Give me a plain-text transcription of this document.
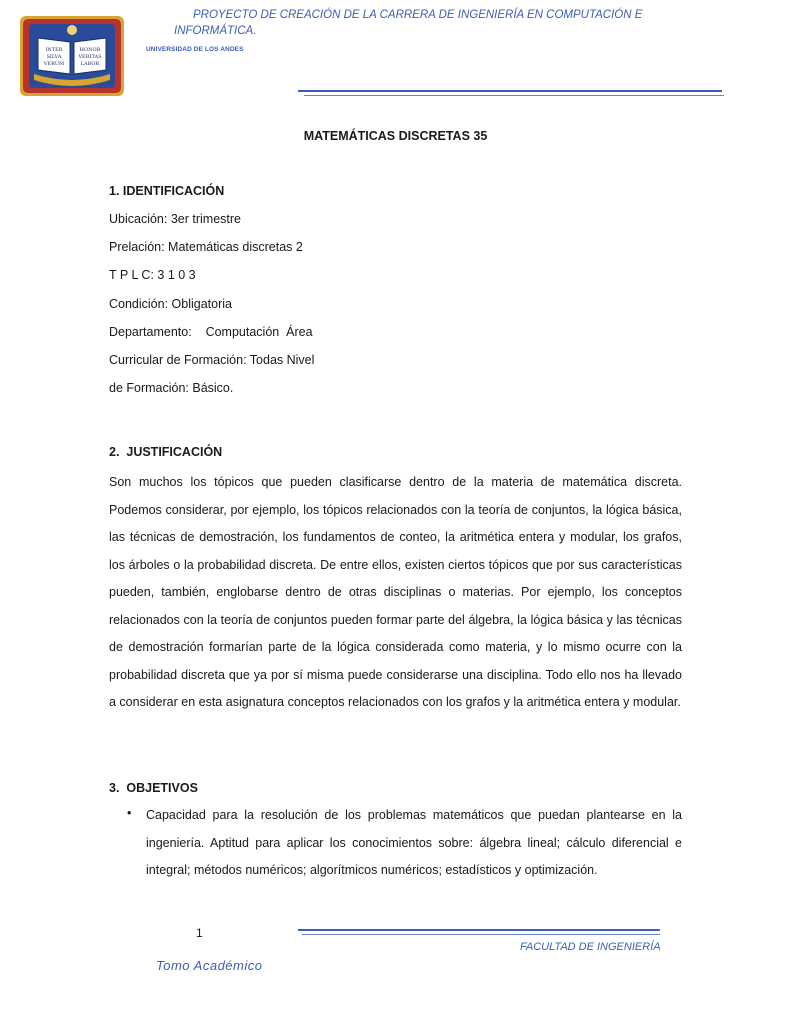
INTER
SILVA
VERUM
HONOR
VERITAS
LABOR
PROYECTO DE CREACIÓN DE LA CARRERA DE INGENIERÍA EN COMPUTACIÓN E
INFORMÁTICA.
UNIVERSIDAD DE LOS ANDES
MATEMÁTICAS DISCRETAS 35
1. IDENTIFICACIÓN
Ubicación: 3er trimestre
Prelación: Matemáticas discretas 2
T P L C: 3 1 0 3
Condición: Obligatoria
Departamento:    Computación  Área
Curricular de Formación: Todas Nivel
de Formación: Básico.
2.  JUSTIFICACIÓN

Son muchos los tópicos que pueden clasificarse dentro de la materia de matemática discreta. Podemos considerar, por ejemplo, los tópicos relacionados con la teoría de conjuntos, la lógica básica, las técnicas de demostración, los fundamentos de conteo, la aritmética entera y modular, los grafos, los árboles o la probabilidad discreta. De entre ellos, existen ciertos tópicos que por sus características pueden, también, englobarse dentro de otras disciplinas o materias. Por ejemplo, los conceptos relacionados con la teoría de conjuntos pueden formar parte del álgebra, la lógica básica y las técnicas de demostración formarían parte de la lógica considerada como materia, y lo mismo ocurre con la probabilidad discreta que ya por sí misma puede considerarse una disciplina. Todo ello nos ha llevado a considerar en esta asignatura conceptos relacionados con los grafos y la aritmética entera y modular.

3.  OBJETIVOS
• Capacidad para la resolución de los problemas matemáticos que puedan plantearse en la ingeniería. Aptitud para aplicar los conocimientos sobre: álgebra lineal; cálculo diferencial e integral; métodos numéricos; algorítmicos numéricos; estadísticos y optimización.

1
FACULTAD DE INGENIERÍA
Tomo Académico
